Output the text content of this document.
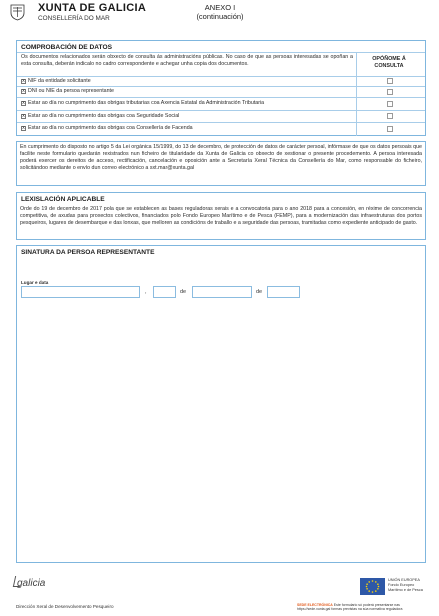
XUNTA DE GALICIA
CONSELLERÍA DO MAR
ANEXO I
(continuación)
COMPROBACIÓN DE DATOS
Os documentos relacionados serán obxecto de consulta ás administracións públicas. No caso de que as persoas interesadas se opoñan a esta consulta, deberán indicalo no cadro correspondente e achegar unha copia dos documentos.
OPÓÑOME Á CONSULTA
x NIF da entidade solicitante
x DNI ou NIE da persoa representante
x Estar ao día no cumprimento das obrigas tributarias coa Axencia Estatal da Administración Tributaria
x Estar ao día no cumprimento das obrigas coa Seguridade Social
x Estar ao día no cumprimento das obrigas coa Consellería de Facenda
En cumprimento do disposto no artigo 5 da Lei orgánica 15/1999, do 13 de decembro, de protección de datos de carácter persoal, infórmase de que os datos persoais que facilite neste formulario quedarán rexistrados nun ficheiro de titularidade da Xunta de Galicia co obxecto de xestionar o presente procedemento. A persoa interesada poderá exercer os dereitos de acceso, rectificación, cancelación e oposición ante a Secretaría Xeral Técnica da Consellería do Mar, como responsable do ficheiro, solicitándoo mediante o envío dun correo electrónico a sxt.mar@xunta.gal
LEXISLACIÓN APLICABLE
Orde do 19 de decembro de 2017 pola que se establecen as bases reguladoras xerais e a convocatoria para o ano 2018 para a concesión, en réxime de concorrencia competitiva, de axudas para proxectos colectivos, financiados polo Fondo Europeo Marítimo e de Pesca (FEMP), para a modernización das infraestruturas dos portos pesqueiros, lugares de desembarque e das lonxas, que melloren as condicións de traballo e a seguridade das persoas, tramitadas como expediente anticipado de gasto.
SINATURA DA PERSOA REPRESENTANTE
Lugar e data
,	de	de
galicia
Dirección Xeral de Desenvolvemento Pesqueiro
UNIÓN EUROPEA
Fondo Europeo
Marítimo e de Pesca
SEDE ELECTRÓNICA Este formulario só poderá presentarse nas
https://sede.xunta.gal formas previstas na súa normativa reguladora
